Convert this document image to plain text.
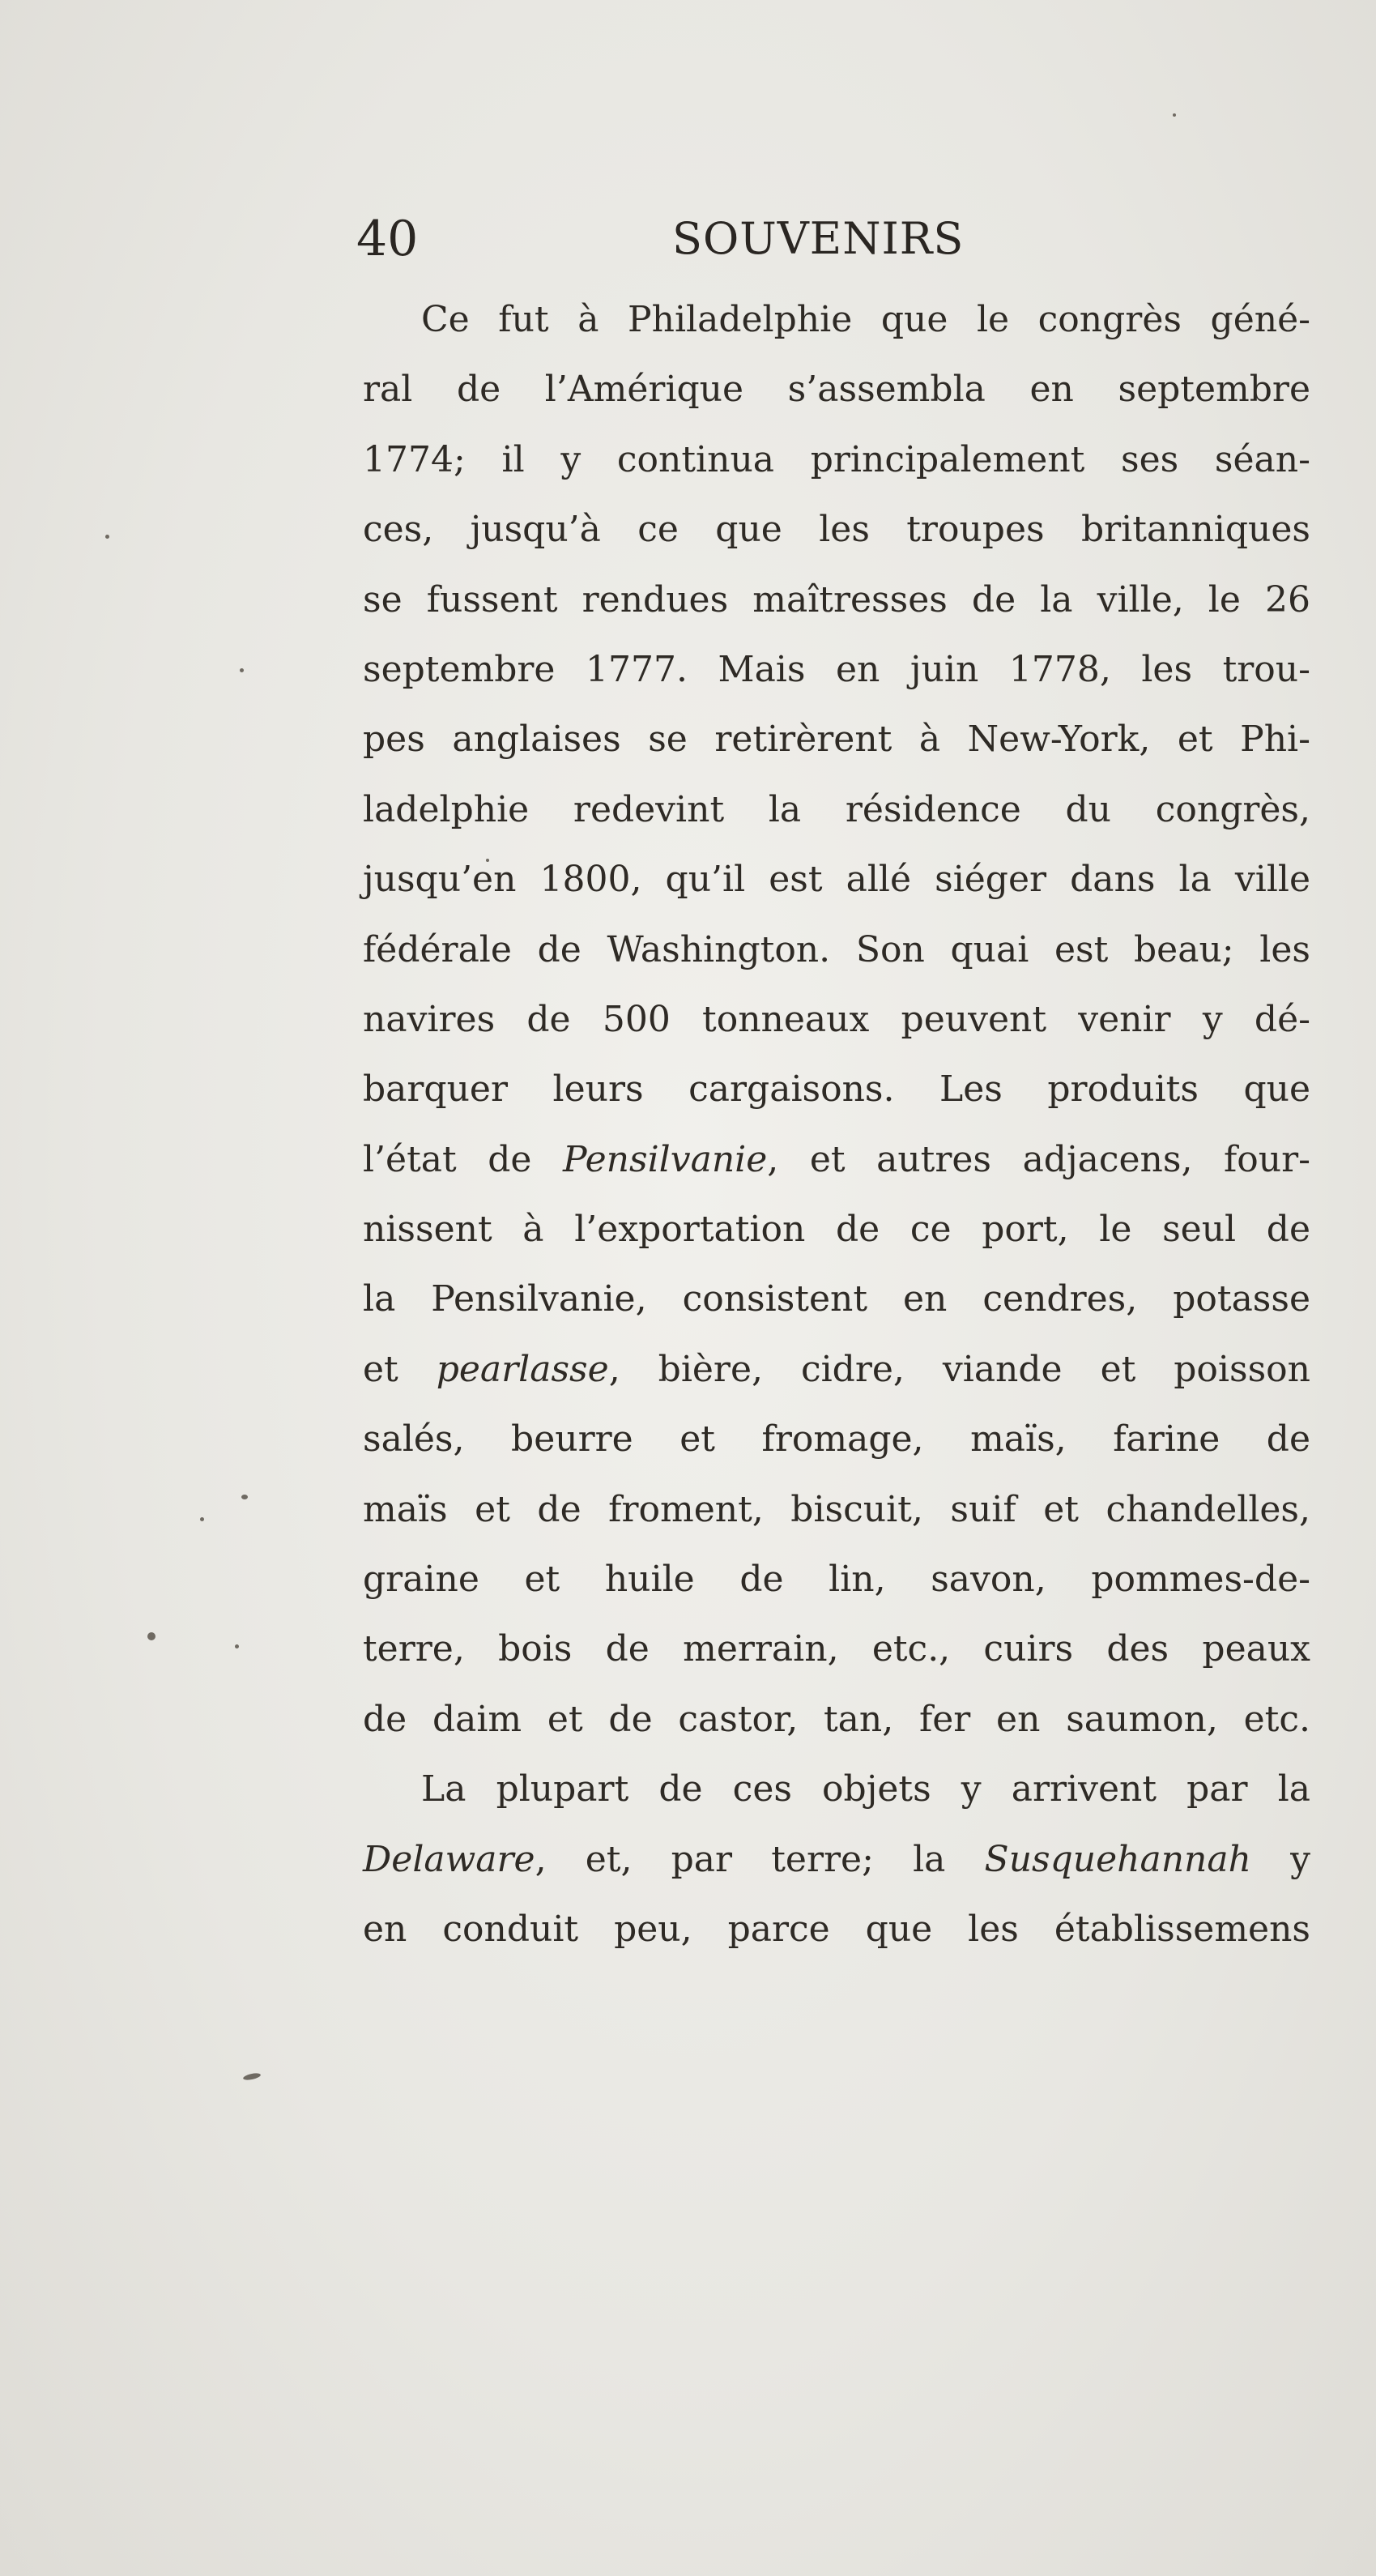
40	SOUVENIRS
Ce fut à Philadelphie que le congrès géné-
ral de l’Amérique s’assembla en septembre
1774; il y continua principalement ses séan-
ces, jusqu’à ce que les troupes britanniques
se fussent rendues maîtresses de la ville, le 26
septembre 1777. Mais en juin 1778, les trou-
pes anglaises se retirèrent à New-York, et Phi-
ladelphie redevint la résidence du congrès,
jusqu’en 1800, qu’il est allé siéger dans la ville
fédérale de Washington. Son quai est beau; les
navires de 500 tonneaux peuvent venir y dé-
barquer leurs cargaisons. Les produits que
l’état de Pensilvanie, et autres adjacens, four-
nissent à l’exportation de ce port, le seul de
la Pensilvanie, consistent en cendres, potasse
et pearlasse, bière, cidre, viande et poisson
salés, beurre et fromage, maïs, farine de
maïs et de froment, biscuit, suif et chandelles,
graine et huile de lin, savon, pommes-de-
terre, bois de merrain, etc., cuirs des peaux
de daim et de castor, tan, fer en saumon, etc.
La plupart de ces objets y arrivent par la
Delaware, et, par terre; la Susquehannah y
en conduit peu, parce que les établissemens
